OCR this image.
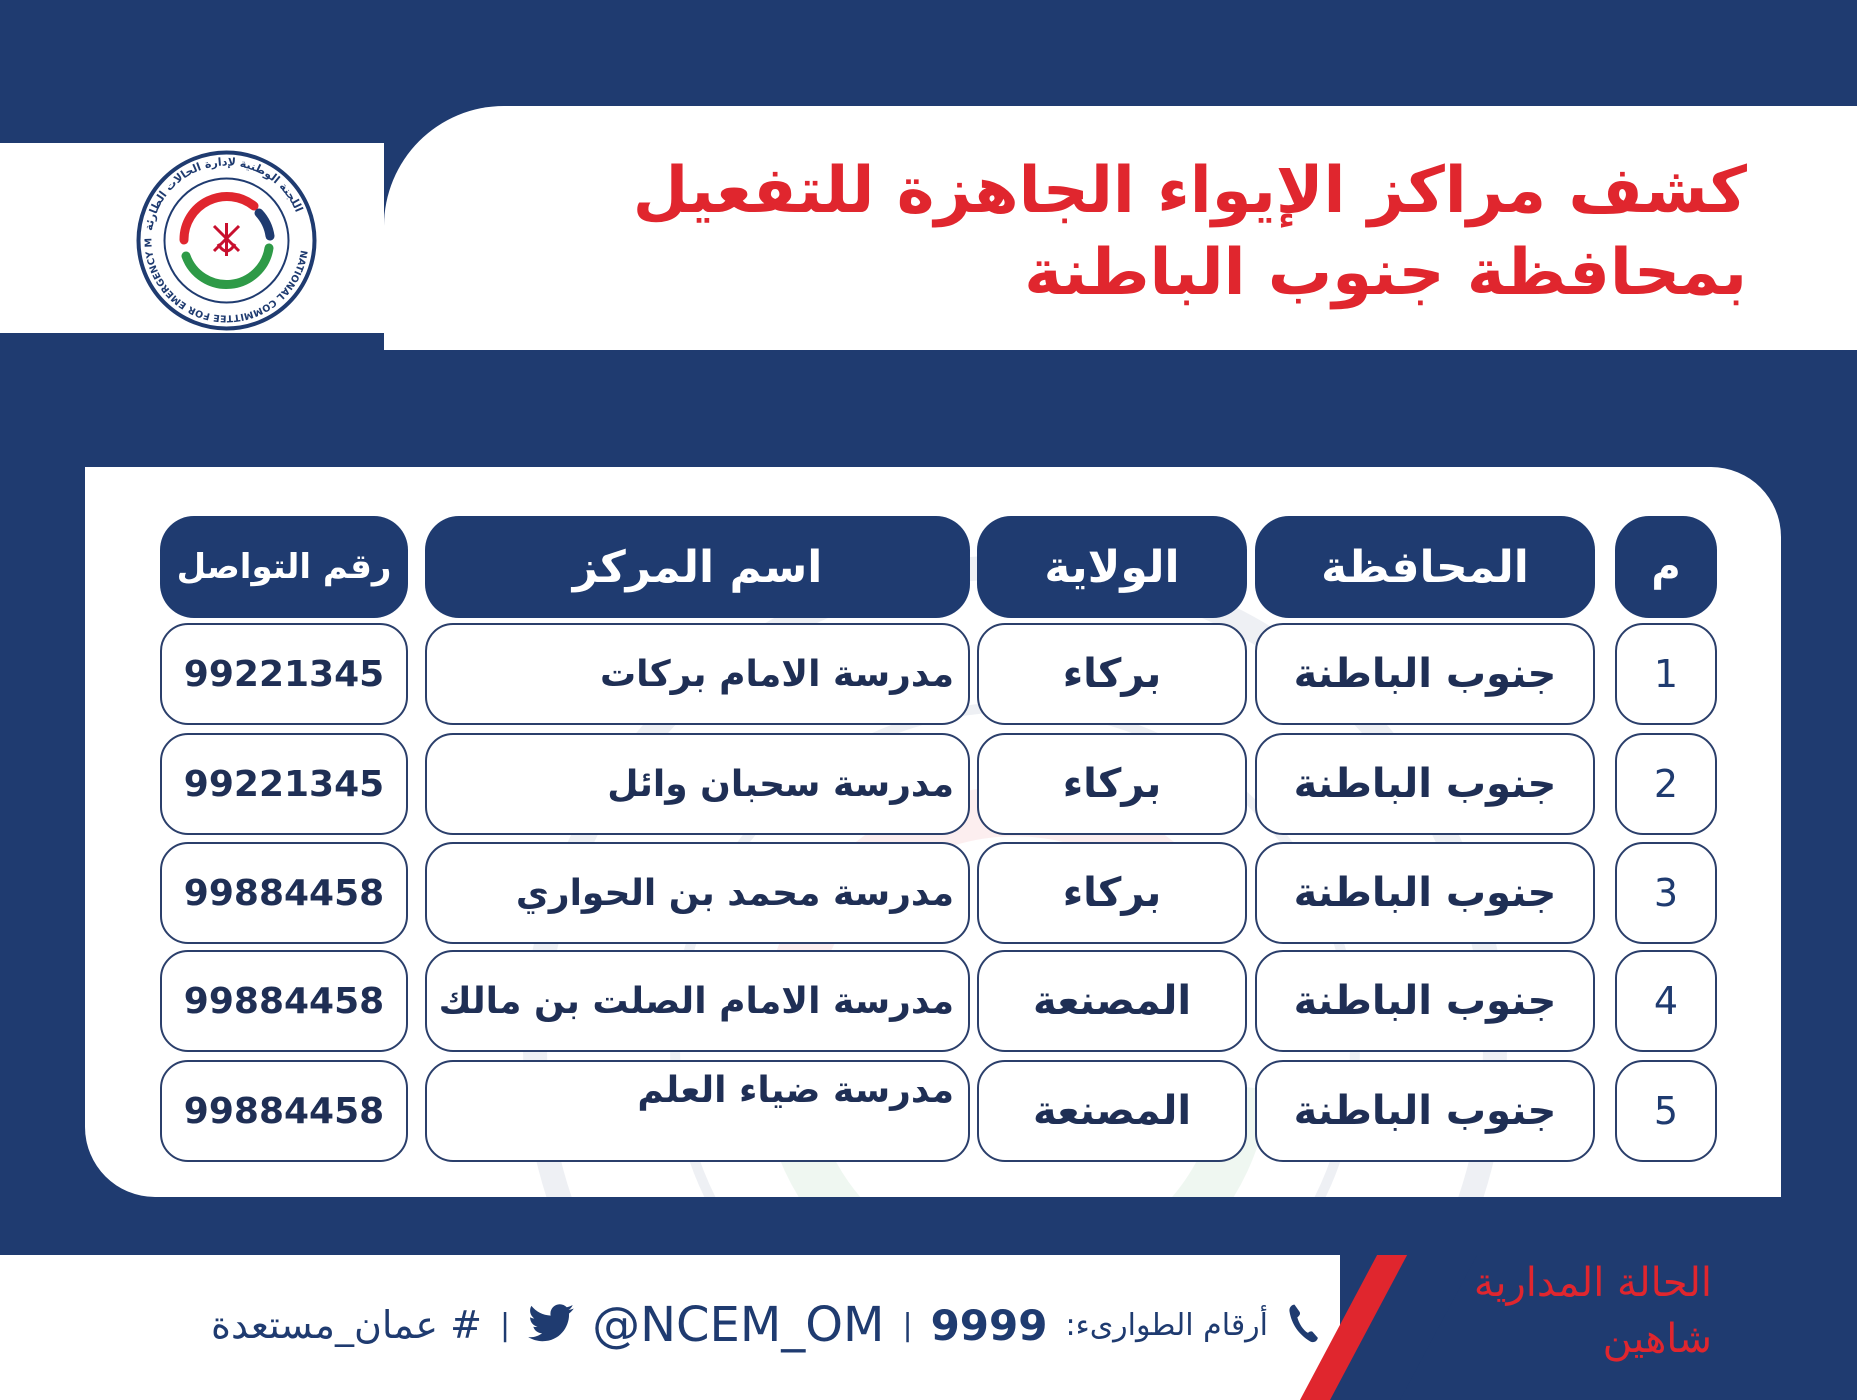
NATIONAL COMMITTEE FOR EMERGENCY M
اللجنة الوطنية لإدارة الحالات الطارئة	كشف مراكز الإيواء الجاهزة للتفعيل
بمحافظة جنوب الباطنة
م
المحافظة
الولاية
اسم المركز
رقم التواصل
1
جنوب الباطنة
بركاء
مدرسة الامام بركات
99221345
2
جنوب الباطنة
بركاء
مدرسة سحبان وائل
99221345
3
جنوب الباطنة
بركاء
مدرسة محمد بن الحواري
99884458
4
جنوب الباطنة
المصنعة
مدرسة الامام الصلت بن مالك
99884458
5
جنوب الباطنة
المصنعة
مدرسة ضياء العلم
99884458
أرقام الطوارىء:
9999
|
@NCEM_OM
|
# عمان_مستعدة
الحالة المدارية
شاهين
